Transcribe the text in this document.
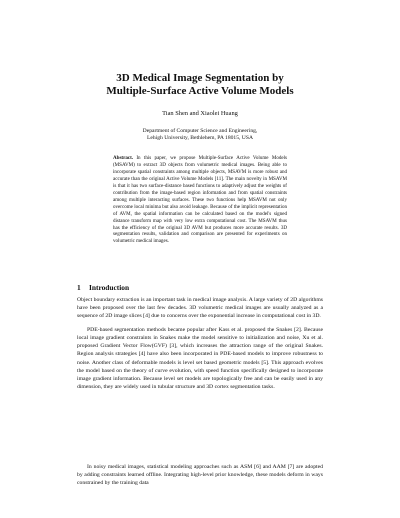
3D Medical Image Segmentation by
Multiple-Surface Active Volume Models
Tian Shen and Xiaolei Huang
Department of Computer Science and Engineering,
Lehigh University, Bethlehem, PA 18015, USA
Abstract. In this paper, we propose Multiple-Surface Active Volume Models (MSAVM) to extract 3D objects from volumetric medical images. Being able to incorporate spatial constraints among multiple objects, MSAVM is more robust and accurate than the original Active Volume Models [11]. The main novelty in MSAVM is that it has two surface-distance based functions to adaptively adjust the weights of contribution from the image-based region information and from spatial constraints among multiple interacting surfaces. These two functions help MSAVM not only overcome local minima but also avoid leakage. Because of the implicit representation of AVM, the spatial information can be calculated based on the model's signed distance transform map with very low extra computational cost. The MSAVM thus has the efficiency of the original 3D AVM but produces more accurate results. 3D segmentation results, validation and comparison are presented for experiments on volumetric medical images.
1 Introduction
Object boundary extraction is an important task in medical image analysis. A large variety of 2D algorithms have been proposed over the last few decades. 3D volumetric medical images are usually analyzed as a sequence of 2D image slices [4] due to concerns over the exponential increase in computational cost in 3D.
PDE-based segmentation methods became popular after Kass et al. proposed the Snakes [2]. Because local image gradient constraints in Snakes make the model sensitive to initialization and noise, Xu et al. proposed Gradient Vector Flow(GVF) [3], which increases the attraction range of the original Snakes. Region analysis strategies [4] have also been incorporated in PDE-based models to improve robustness to noise. Another class of deformable models is level set based geometric models [5]. This approach evolves the model based on the theory of curve evolution, with speed function specifically designed to incorporate image gradient information. Because level set models are topologically free and can be easily used in any dimension, they are widely used in tubular structure and 3D cortex segmentation tasks.
In noisy medical images, statistical modeling approaches such as ASM [6] and AAM [7] are adopted by adding constraints learned offline. Integrating high-level prior knowledge, these models deform in ways constrained by the training data
